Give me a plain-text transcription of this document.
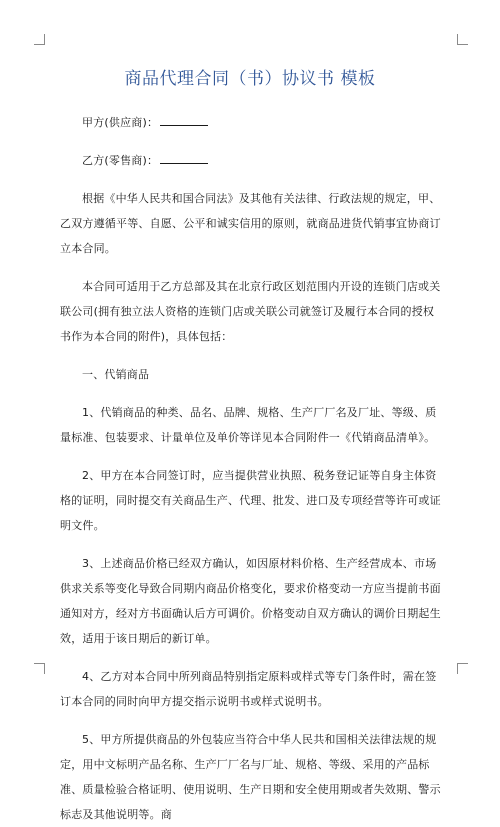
商品代理合同（书）协议书 模板

甲方(供应商)：

乙方(零售商)：

根据《中华人民共和国合同法》及其他有关法律、行政法规的规定，甲、乙双方遵循平等、自愿、公平和诚实信用的原则，就商品进货代销事宜协商订立本合同。

本合同可适用于乙方总部及其在北京行政区划范围内开设的连锁门店或关联公司(拥有独立法人资格的连锁门店或关联公司就签订及履行本合同的授权书作为本合同的附件)，具体包括：

一、代销商品

1、代销商品的种类、品名、品牌、规格、生产厂厂名及厂址、等级、质量标准、包装要求、计量单位及单价等详见本合同附件一《代销商品清单》。

2、甲方在本合同签订时，应当提供营业执照、税务登记证等自身主体资格的证明，同时提交有关商品生产、代理、批发、进口及专项经营等许可或证明文件。

3、上述商品价格已经双方确认，如因原材料价格、生产经营成本、市场供求关系等变化导致合同期内商品价格变化，要求价格变动一方应当提前书面通知对方，经对方书面确认后方可调价。价格变动自双方确认的调价日期起生效，适用于该日期后的新订单。

4、乙方对本合同中所列商品特别指定原料或样式等专门条件时，需在签订本合同的同时向甲方提交指示说明书或样式说明书。

5、甲方所提供商品的外包装应当符合中华人民共和国相关法律法规的规定，用中文标明产品名称、生产厂厂名与厂址、规格、等级、采用的产品标准、质量检验合格证明、使用说明、生产日期和安全使用期或者失效期、警示标志及其他说明等。商
